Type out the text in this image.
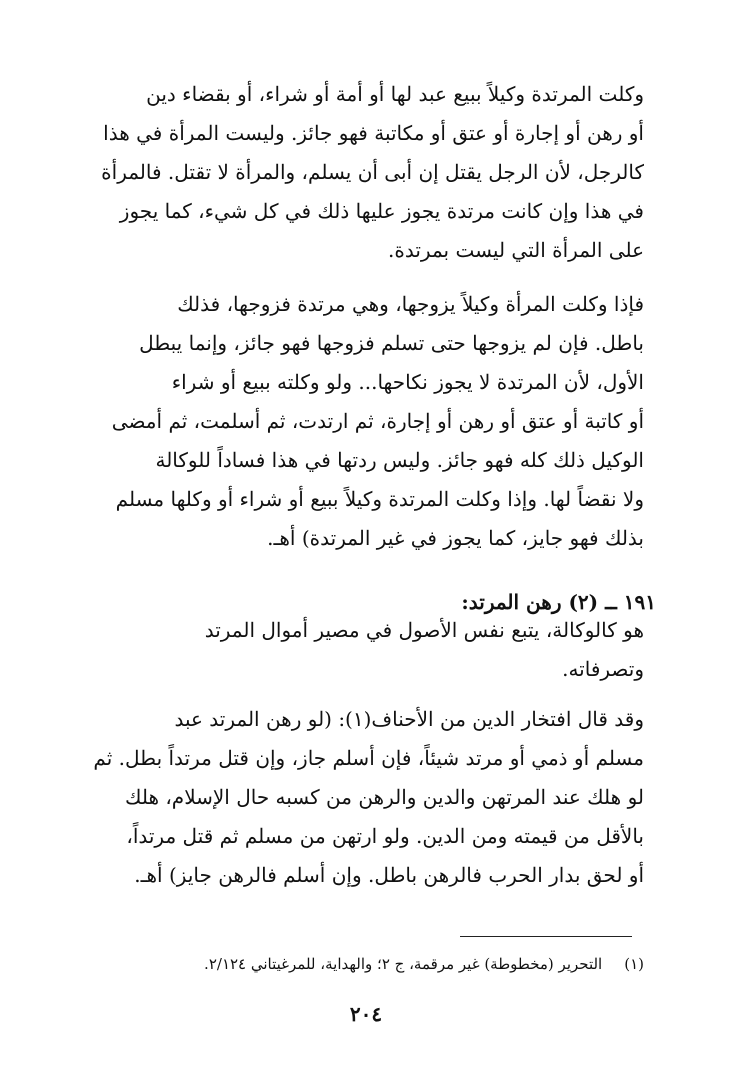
وكلت المرتدة وكيلاً ببيع عبد لها أو أمة أو شراء، أو بقضاء دين
أو رهن أو إجارة أو عتق أو مكاتبة فهو جائز. وليست المرأة في هذا
كالرجل، لأن الرجل يقتل إن أبى أن يسلم، والمرأة لا تقتل. فالمرأة
في هذا وإن كانت مرتدة يجوز عليها ذلك في كل شيء، كما يجوز
على المرأة التي ليست بمرتدة.
فإذا وكلت المرأة وكيلاً يزوجها، وهي مرتدة فزوجها، فذلك
باطل. فإن لم يزوجها حتى تسلم فزوجها فهو جائز، وإنما يبطل
الأول، لأن المرتدة لا يجوز نكاحها... ولو وكلته ببيع أو شراء
أو كاتبة أو عتق أو رهن أو إجارة، ثم ارتدت، ثم أسلمت، ثم أمضى
الوكيل ذلك كله فهو جائز. وليس ردتها في هذا فساداً للوكالة
ولا نقضاً لها. وإذا وكلت المرتدة وكيلاً ببيع أو شراء أو وكلها مسلم
بذلك فهو جايز، كما يجوز في غير المرتدة) أهـ.
١٩١ ــ (٢) رهن المرتد:
هو كالوكالة، يتبع نفس الأصول في مصير أموال المرتد
وتصرفاته.
وقد قال افتخار الدين من الأحناف(١): (لو رهن المرتد عبد
مسلم أو ذمي أو مرتد شيئاً، فإن أسلم جاز، وإن قتل مرتداً بطل. ثم
لو هلك عند المرتهن والدين والرهن من كسبه حال الإسلام، هلك
بالأقل من قيمته ومن الدين. ولو ارتهن من مسلم ثم قتل مرتداً،
أو لحق بدار الحرب فالرهن باطل. وإن أسلم فالرهن جايز) أهـ.
(١)التحرير (مخطوطة) غير مرقمة، ج ٢؛ والهداية، للمرغيتاني ٢/١٢٤.
٢٠٤
